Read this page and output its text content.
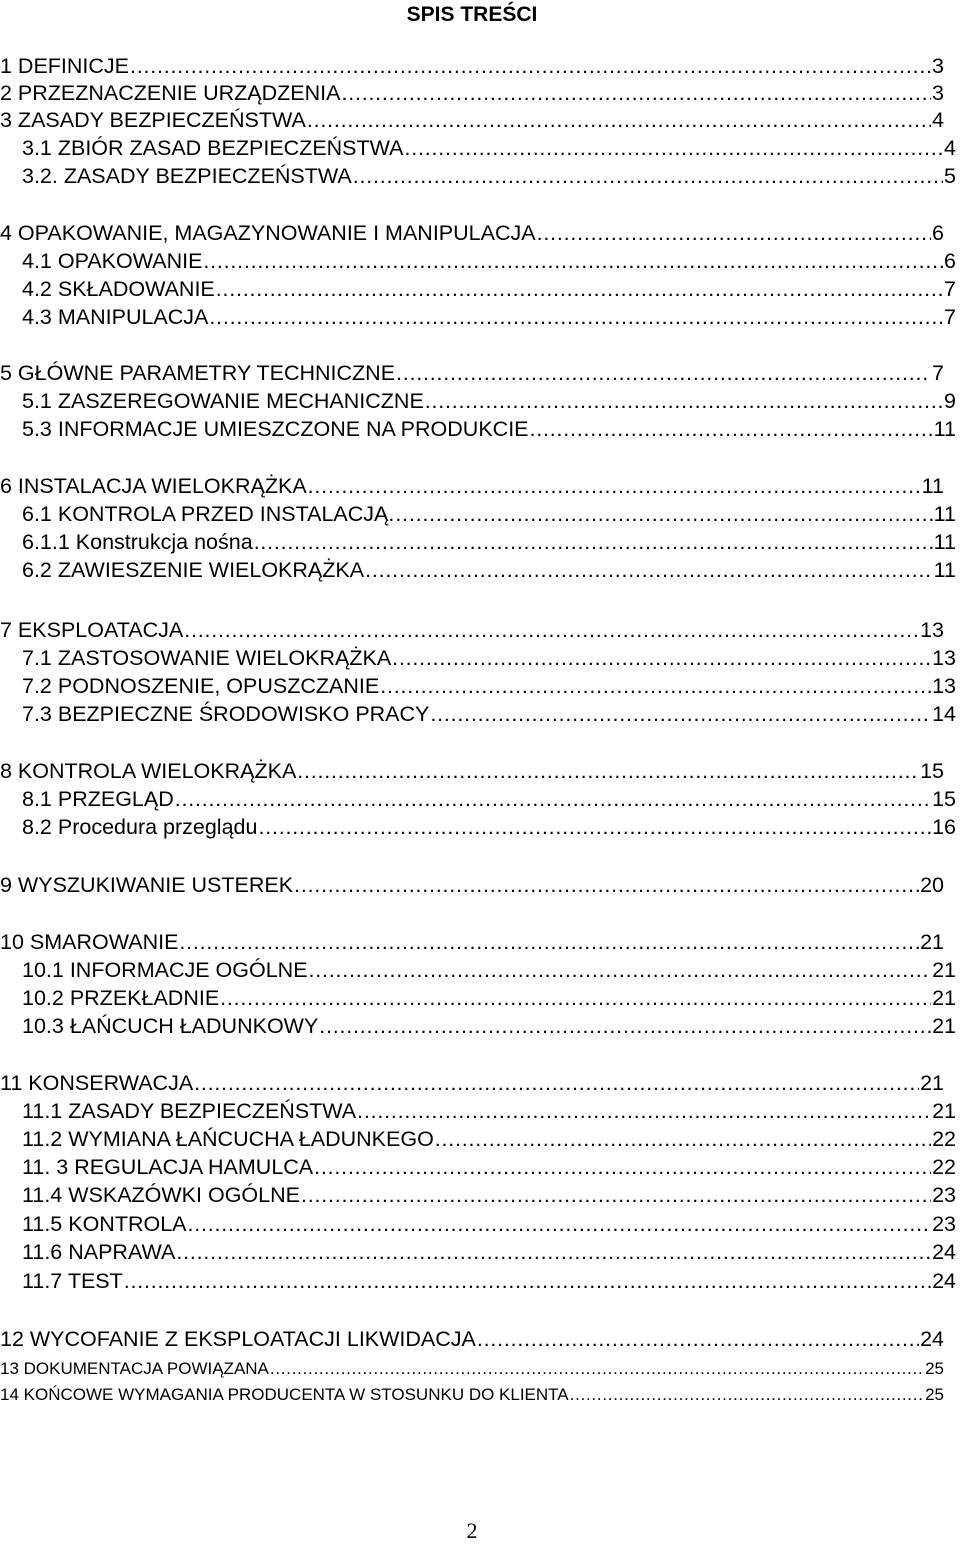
SPIS TREŚCI
1 DEFINICJE . . .	3
2 PRZEZNACZENIE URZĄDZENIA . . .	3
3 ZASADY BEZPIECZEŃSTWA . . .	4
3.1 ZBIÓR ZASAD BEZPIECZEŃSTWA . . .	4
3.2. ZASADY BEZPIECZEŃSTWA . . .	5
4 OPAKOWANIE, MAGAZYNOWANIE I MANIPULACJA . . .	6
4.1 OPAKOWANIE . . .	6
4.2 SKŁADOWANIE . . .	7
4.3 MANIPULACJA . . .	7
5 GŁÓWNE PARAMETRY TECHNICZNE . . .	7
5.1 ZASZEREGOWANIE MECHANICZNE . . .	9
5.3 INFORMACJE UMIESZCZONE NA PRODUKCIE . . .	11
6 INSTALACJA WIELOKRĄŻKA . . .	11
6.1 KONTROLA PRZED INSTALACJĄ. . . .	11
6.1.1 Konstrukcja nośna . . .	11
6.2 ZAWIESZENIE WIELOKRĄŻKA . . .	11
7 EKSPLOATACJA . . .	13
7.1 ZASTOSOWANIE WIELOKRĄŻKA . . .	13
7.2 PODNOSZENIE, OPUSZCZANIE . . .	13
7.3 BEZPIECZNE ŚRODOWISKO PRACY . . .	14
8 KONTROLA WIELOKRĄŻKA . . .	15
8.1 PRZEGLĄD . . .	15
8.2 Procedura przeglądu . . .	16
9 WYSZUKIWANIE USTEREK . . .	20
10 SMAROWANIE . . .	21
10.1 INFORMACJE OGÓLNE . . .	21
10.2 PRZEKŁADNIE . . .	21
10.3 ŁAŃCUCH ŁADUNKOWY . . .	21
11 KONSERWACJA . . .	21
11.1 ZASADY BEZPIECZEŃSTWA . . .	21
11.2 WYMIANA ŁAŃCUCHA ŁADUNKEGO . . .	22
11. 3 REGULACJA HAMULCA . . .	22
11.4 WSKAZÓWKI OGÓLNE . . .	23
11.5 KONTROLA . . .	23
11.6 NAPRAWA . . .	24
11.7 TEST . . .	24
12 WYCOFANIE Z EKSPLOATACJI LIKWIDACJA . . .	24
13 DOKUMENTACJA POWIĄZANA . . .	25
14 KOŃCOWE WYMAGANIA PRODUCENTA W STOSUNKU DO KLIENTA . . .	25
2
